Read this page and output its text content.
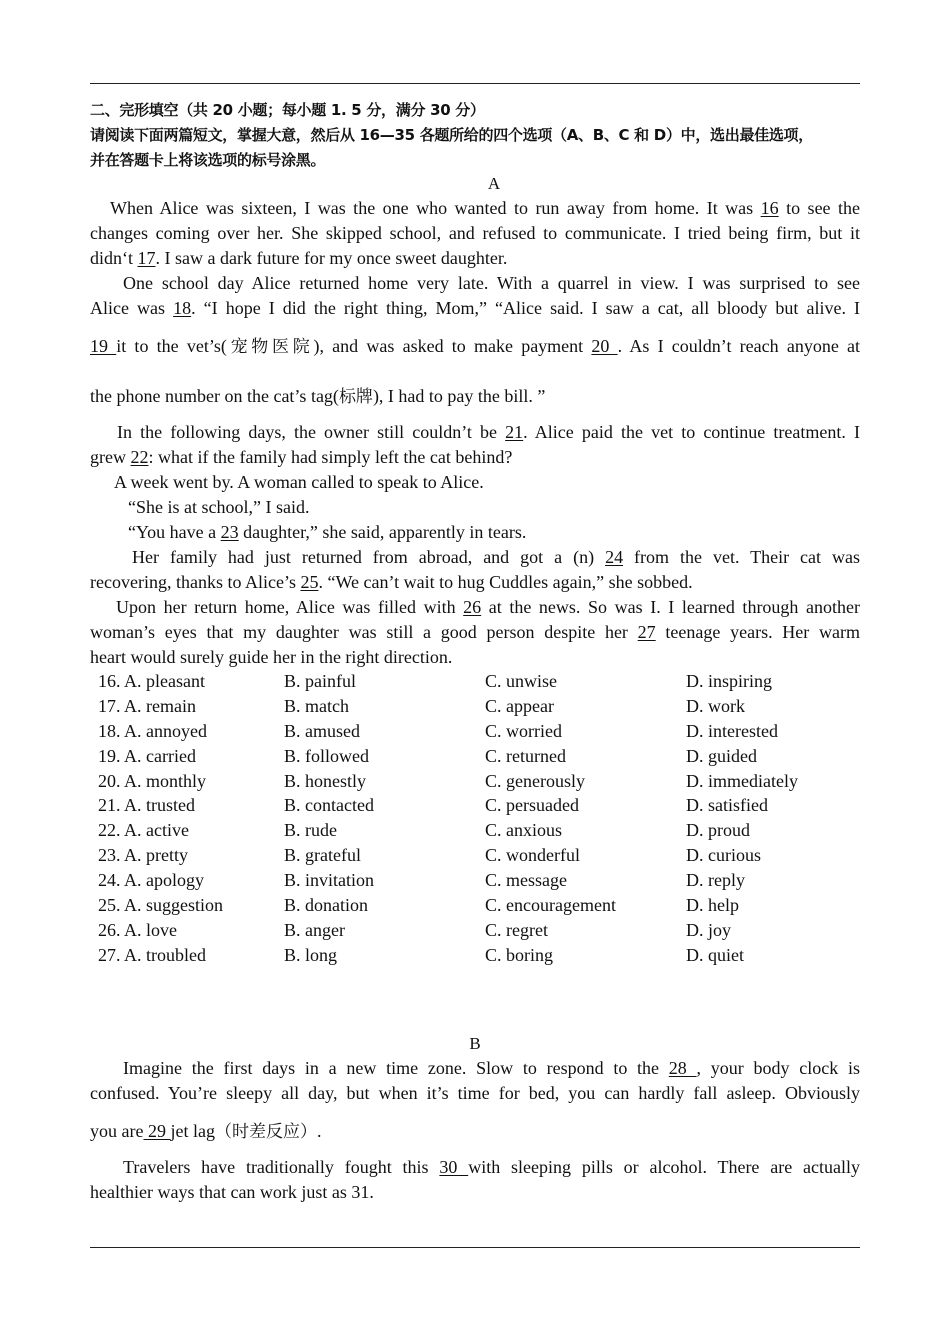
二、完形填空（共 20 小题；每小题 1. 5 分，满分 30 分）

请阅读下面两篇短文，掌握大意，然后从 16—35 各题所给的四个选项（A、B、C 和 D）中，选出最佳选项，
并在答题卡上将该选项的标号涂黑。
A
When Alice was sixteen, I was the one who wanted to run away from home. It was 16 to see the
changes coming over her. She skipped school, and refused to communicate. I tried being firm, but it
didn‘t 17. I saw a dark future for my once sweet daughter.
One school day Alice returned home very late. With a quarrel in view. I was surprised to see
Alice was 18. “I hope I did the right thing, Mom,” “Alice said. I saw a cat, all bloody but alive. I
19 it to the vet’s(宠物医院), and was asked to make payment 20 . As I couldn’t reach anyone at
the phone number on the cat’s tag(标牌), I had to pay the bill. ”
In the following days, the owner still couldn’t be 21. Alice paid the vet to continue treatment. I
grew 22: what if the family had simply left the cat behind?
A week went by. A woman called to speak to Alice.
“She is at school,” I said.
“You have a 23 daughter,” she said, apparently in tears.
Her family had just returned from abroad, and got a (n) 24 from the vet. Their cat was
recovering, thanks to Alice’s 25. “We can’t wait to hug Cuddles again,” she sobbed.
Upon her return home, Alice was filled with 26 at the news. So was I. I learned through another
woman’s eyes that my daughter was still a good person despite her 27 teenage years. Her warm
heart would surely guide her in the right direction.
16. A. pleasant	B. painful	C. unwise	D. inspiring
17. A. remain	B. match	C. appear	D. work
18. A. annoyed	B. amused	C. worried	D. interested
19. A. carried	B. followed	C. returned	D. guided
20. A. monthly	B. honestly	C. generously	D. immediately
21. A. trusted	B. contacted	C. persuaded	D. satisfied
22. A. active	B. rude	C. anxious	D. proud
23. A. pretty	B. grateful	C. wonderful	D. curious
24. A. apology	B. invitation	C. message	D. reply
25. A. suggestion	B. donation	C. encouragement	D. help
26. A. love	B. anger	C. regret	D. joy
27. A. troubled	B. long	C. boring	D. quiet
B
Imagine the first days in a new time zone. Slow to respond to the 28 , your body clock is
confused. You’re sleepy all day, but when it’s time for bed, you can hardly fall asleep. Obviously
you are 29 jet lag（时差反应）.
Travelers have traditionally fought this 30 with sleeping pills or alcohol. There are actually
healthier ways that can work just as 31.
